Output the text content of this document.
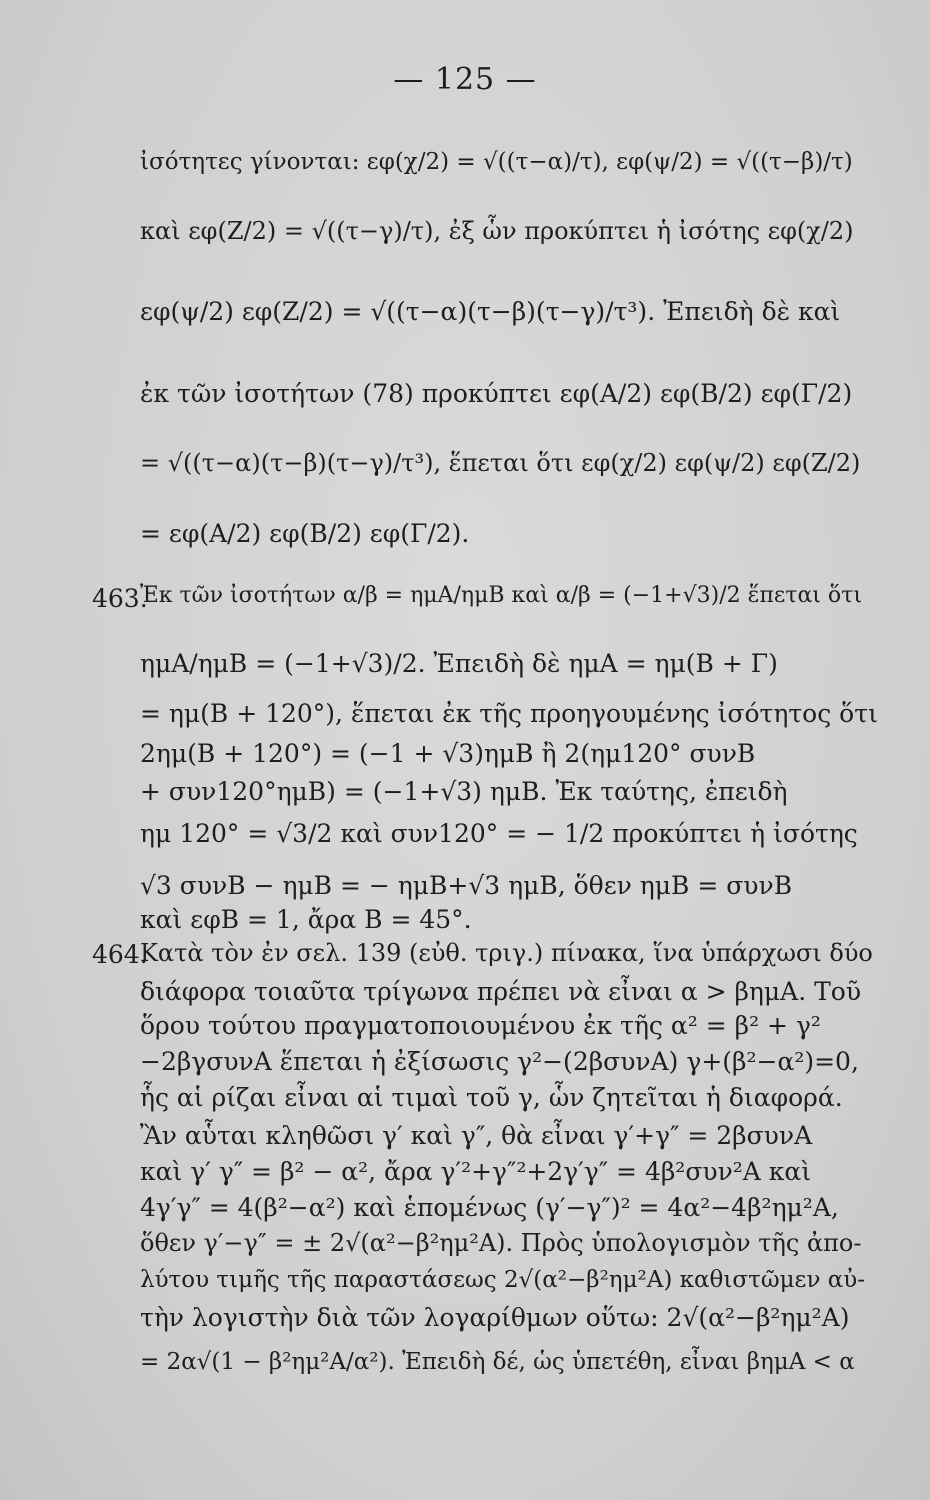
— 125 —
ἰσότητες γίνονται: εφ(χ/2) = √((τ−α)/τ), εφ(ψ/2) = √((τ−β)/τ)
καὶ εφ(Ζ/2) = √((τ−γ)/τ), ἐξ ὧν προκύπτει ἡ ἰσότης εφ(χ/2)
εφ(ψ/2) εφ(Ζ/2) = √((τ−α)(τ−β)(τ−γ)/τ³). Ἐπειδὴ δὲ καὶ
ἐκ τῶν ἰσοτήτων (78) προκύπτει εφ(Α/2) εφ(Β/2) εφ(Γ/2)
= √((τ−α)(τ−β)(τ−γ)/τ³), ἕπεται ὅτι εφ(χ/2) εφ(ψ/2) εφ(Ζ/2)
= εφ(Α/2) εφ(Β/2) εφ(Γ/2).
463.
Ἐκ τῶν ἰσοτήτων α/β = ημΑ/ημΒ καὶ α/β = (−1+√3)/2 ἕπεται ὅτι
ημΑ/ημΒ = (−1+√3)/2. Ἐπειδὴ δὲ ημΑ = ημ(Β + Γ)
= ημ(Β + 120°), ἕπεται ἐκ τῆς προηγουμένης ἰσότητος ὅτι
2ημ(Β + 120°) = (−1 + √3)ημΒ ἢ 2(ημ120° συνΒ
+ συν120°ημΒ) = (−1+√3) ημΒ. Ἐκ ταύτης, ἐπειδὴ
ημ 120° = √3/2 καὶ συν120° = − 1/2 προκύπτει ἡ ἰσότης
√3 συνΒ − ημΒ = − ημΒ+√3 ημΒ, ὅθεν ημΒ = συνΒ
καὶ εφΒ = 1, ἄρα Β = 45°.
464.
Κατὰ τὸν ἐν σελ. 139 (εὐθ. τριγ.) πίνακα, ἵνα ὑπάρχωσι δύο
διάφορα τοιαῦτα τρίγωνα πρέπει νὰ εἶναι α > βημΑ. Τοῦ
ὅρου τούτου πραγματοποιουμένου ἐκ τῆς α² = β² + γ²
−2βγσυνΑ ἕπεται ἡ ἐξίσωσις γ²−(2βσυνΑ) γ+(β²−α²)=0,
ἧς αἱ ρίζαι εἶναι αἱ τιμαὶ τοῦ γ, ὧν ζητεῖται ἡ διαφορά.
Ἂν αὗται κληθῶσι γ′ καὶ γ″, θὰ εἶναι γ′+γ″ = 2βσυνΑ
καὶ γ′ γ″ = β² − α², ἄρα γ′²+γ″²+2γ′γ″ = 4β²συν²Α καὶ
4γ′γ″ = 4(β²−α²) καὶ ἑπομένως (γ′−γ″)² = 4α²−4β²ημ²Α,
ὅθεν γ′−γ″ = ± 2√(α²−β²ημ²Α). Πρὸς ὑπολογισμὸν τῆς ἀπο-
λύτου τιμῆς τῆς παραστάσεως 2√(α²−β²ημ²Α) καθιστῶμεν αὐ-
τὴν λογιστὴν διὰ τῶν λογαρίθμων οὕτω: 2√(α²−β²ημ²Α)
= 2α√(1 − β²ημ²Α/α²). Ἐπειδὴ δέ, ὡς ὑπετέθη, εἶναι βημΑ < α
